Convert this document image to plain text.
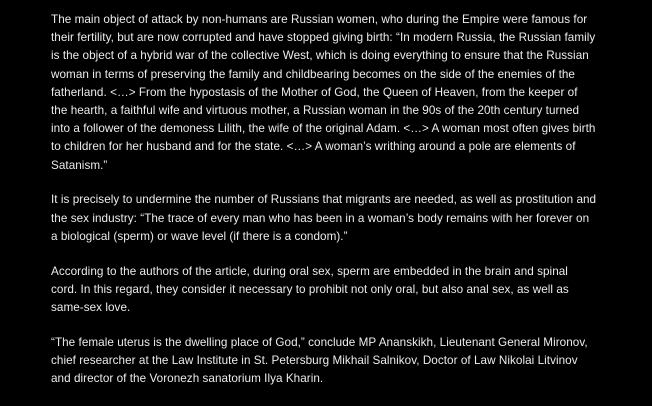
The main object of attack by non-humans are Russian women, who during the Empire were famous for their fertility, but are now corrupted and have stopped giving birth: “In modern Russia, the Russian family is the object of a hybrid war of the collective West, which is doing everything to ensure that the Russian woman in terms of preserving the family and childbearing becomes on the side of the enemies of the fatherland. <…> From the hypostasis of the Mother of God, the Queen of Heaven, from the keeper of the hearth, a faithful wife and virtuous mother, a Russian woman in the 90s of the 20th century turned into a follower of the demoness Lilith, the wife of the original Adam. <…> A woman most often gives birth to children for her husband and for the state. <…> A woman’s writhing around a pole are elements of Satanism.”

It is precisely to undermine the number of Russians that migrants are needed, as well as prostitution and the sex industry: “The trace of every man who has been in a woman’s body remains with her forever on a biological (sperm) or wave level (if there is a condom).”

According to the authors of the article, during oral sex, sperm are embedded in the brain and spinal cord. In this regard, they consider it necessary to prohibit not only oral, but also anal sex, as well as same-sex love.

“The female uterus is the dwelling place of God,” conclude MP Ananskikh, Lieutenant General Mironov, chief researcher at the Law Institute in St. Petersburg Mikhail Salnikov, Doctor of Law Nikolai Litvinov and director of the Voronezh sanatorium Ilya Kharin.
